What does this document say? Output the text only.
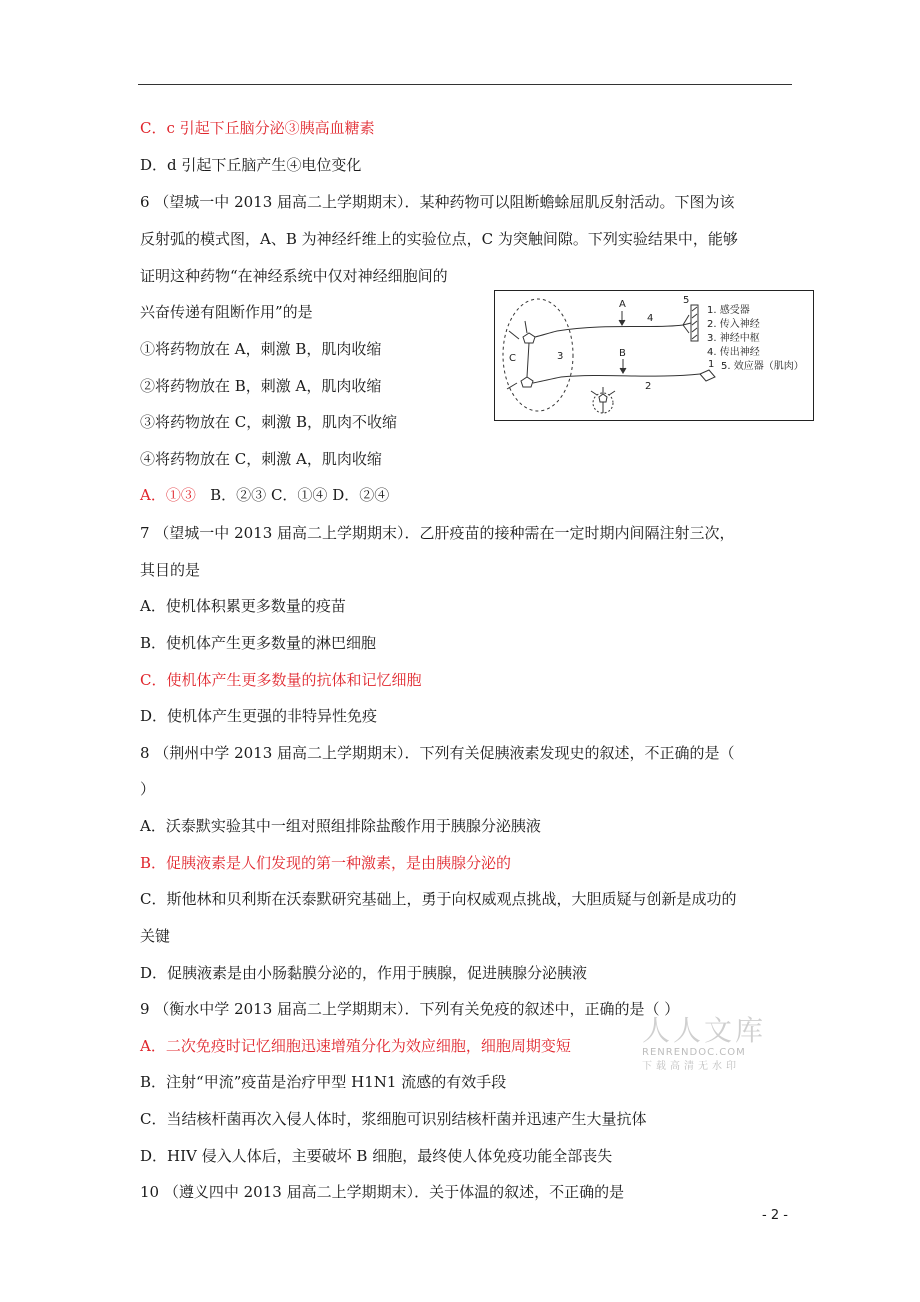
C．c 引起下丘脑分泌③胰高血糖素
D．d 引起下丘脑产生④电位变化
6 （望城一中 2013 届高二上学期期末）．某种药物可以阻断蟾蜍屈肌反射活动。下图为该
反射弧的模式图，A、B 为神经纤维上的实验位点，C 为突触间隙。下列实验结果中，能够
证明这种药物“在神经系统中仅对神经细胞间的
兴奋传递有阻断作用”的是
①将药物放在 A，刺激 B，肌肉收缩
②将药物放在 B，刺激 A，肌肉收缩
③将药物放在 C，刺激 B，肌肉不收缩
④将药物放在 C，刺激 A，肌肉收缩
A．①③ B．②③ C．①④ D．②④
7 （望城一中 2013 届高二上学期期末）．乙肝疫苗的接种需在一定时期内间隔注射三次，
其目的是
A．使机体积累更多数量的疫苗
B．使机体产生更多数量的淋巴细胞
C．使机体产生更多数量的抗体和记忆细胞
D．使机体产生更强的非特异性免疫
8 （荆州中学 2013 届高二上学期期末）．下列有关促胰液素发现史的叙述，不正确的是（
）
A．沃泰默实验其中一组对照组排除盐酸作用于胰腺分泌胰液
B．促胰液素是人们发现的第一种激素，是由胰腺分泌的
C．斯他林和贝利斯在沃泰默研究基础上，勇于向权威观点挑战，大胆质疑与创新是成功的
关键
D．促胰液素是由小肠黏膜分泌的，作用于胰腺，促进胰腺分泌胰液
9 （衡水中学 2013 届高二上学期期末）．下列有关免疫的叙述中，正确的是（ ）
A．二次免疫时记忆细胞迅速增殖分化为效应细胞，细胞周期变短
B．注射“甲流”疫苗是治疗甲型 H1N1 流感的有效手段
C．当结核杆菌再次入侵人体时，浆细胞可识别结核杆菌并迅速产生大量抗体
D．HIV 侵入人体后，主要破坏 B 细胞，最终使人体免疫功能全部丧失
10 （遵义四中 2013 届高二上学期期末）．关于体温的叙述，不正确的是
A
B
C	3
4
2
5
1
1. 感受器
2. 传入神经
3. 神经中枢
4. 传出神经
5. 效应器（肌肉）
人人文库
RENRENDOC.COM
下载高清无水印
- 2 -
